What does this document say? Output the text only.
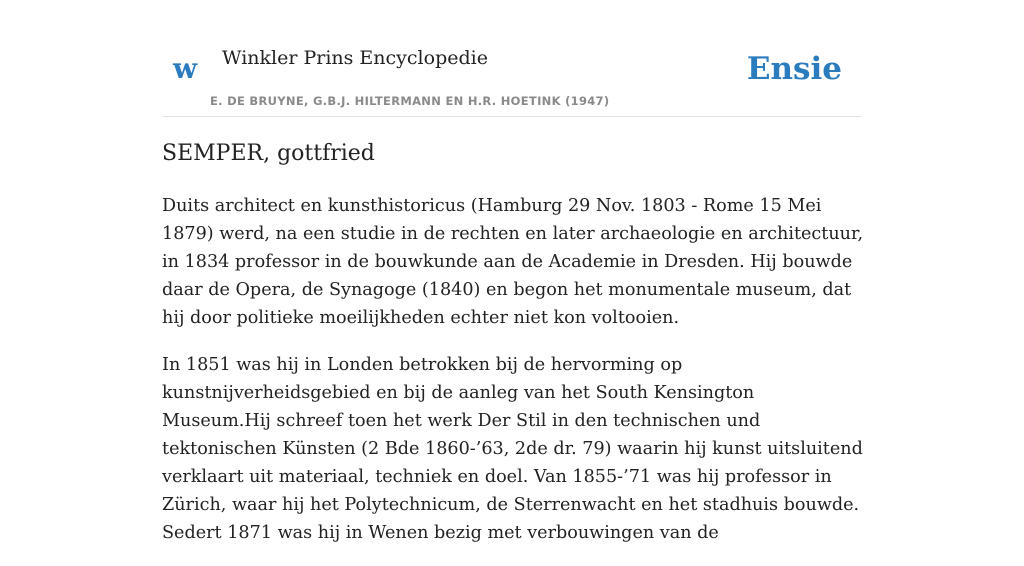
w Winkler Prins Encyclopedie
E. DE BRUYNE, G.B.J. HILTERMANN EN H.R. HOETINK (1947)
Ensie
SEMPER, gottfried

Duits architect en kunsthistoricus (Hamburg 29 Nov. 1803 - Rome 15 Mei 1879) werd, na een studie in de rechten en later archaeologie en architectuur, in 1834 professor in de bouwkunde aan de Academie in Dresden. Hij bouwde daar de Opera, de Synagoge (1840) en begon het monumentale museum, dat hij door politieke moeilijkheden echter niet kon voltooien.

In 1851 was hij in Londen betrokken bij de hervorming op kunstnijverheidsgebied en bij de aanleg van het South Kensington Museum.Hij schreef toen het werk Der Stil in den technischen und tektonischen Künsten (2 Bde 1860-’63, 2de dr. 79) waarin hij kunst uitsluitend verklaart uit materiaal, techniek en doel. Van 1855-’71 was hij professor in Zürich, waar hij het Polytechnicum, de Sterrenwacht en het stadhuis bouwde. Sedert 1871 was hij in Wenen bezig met verbouwingen van de
